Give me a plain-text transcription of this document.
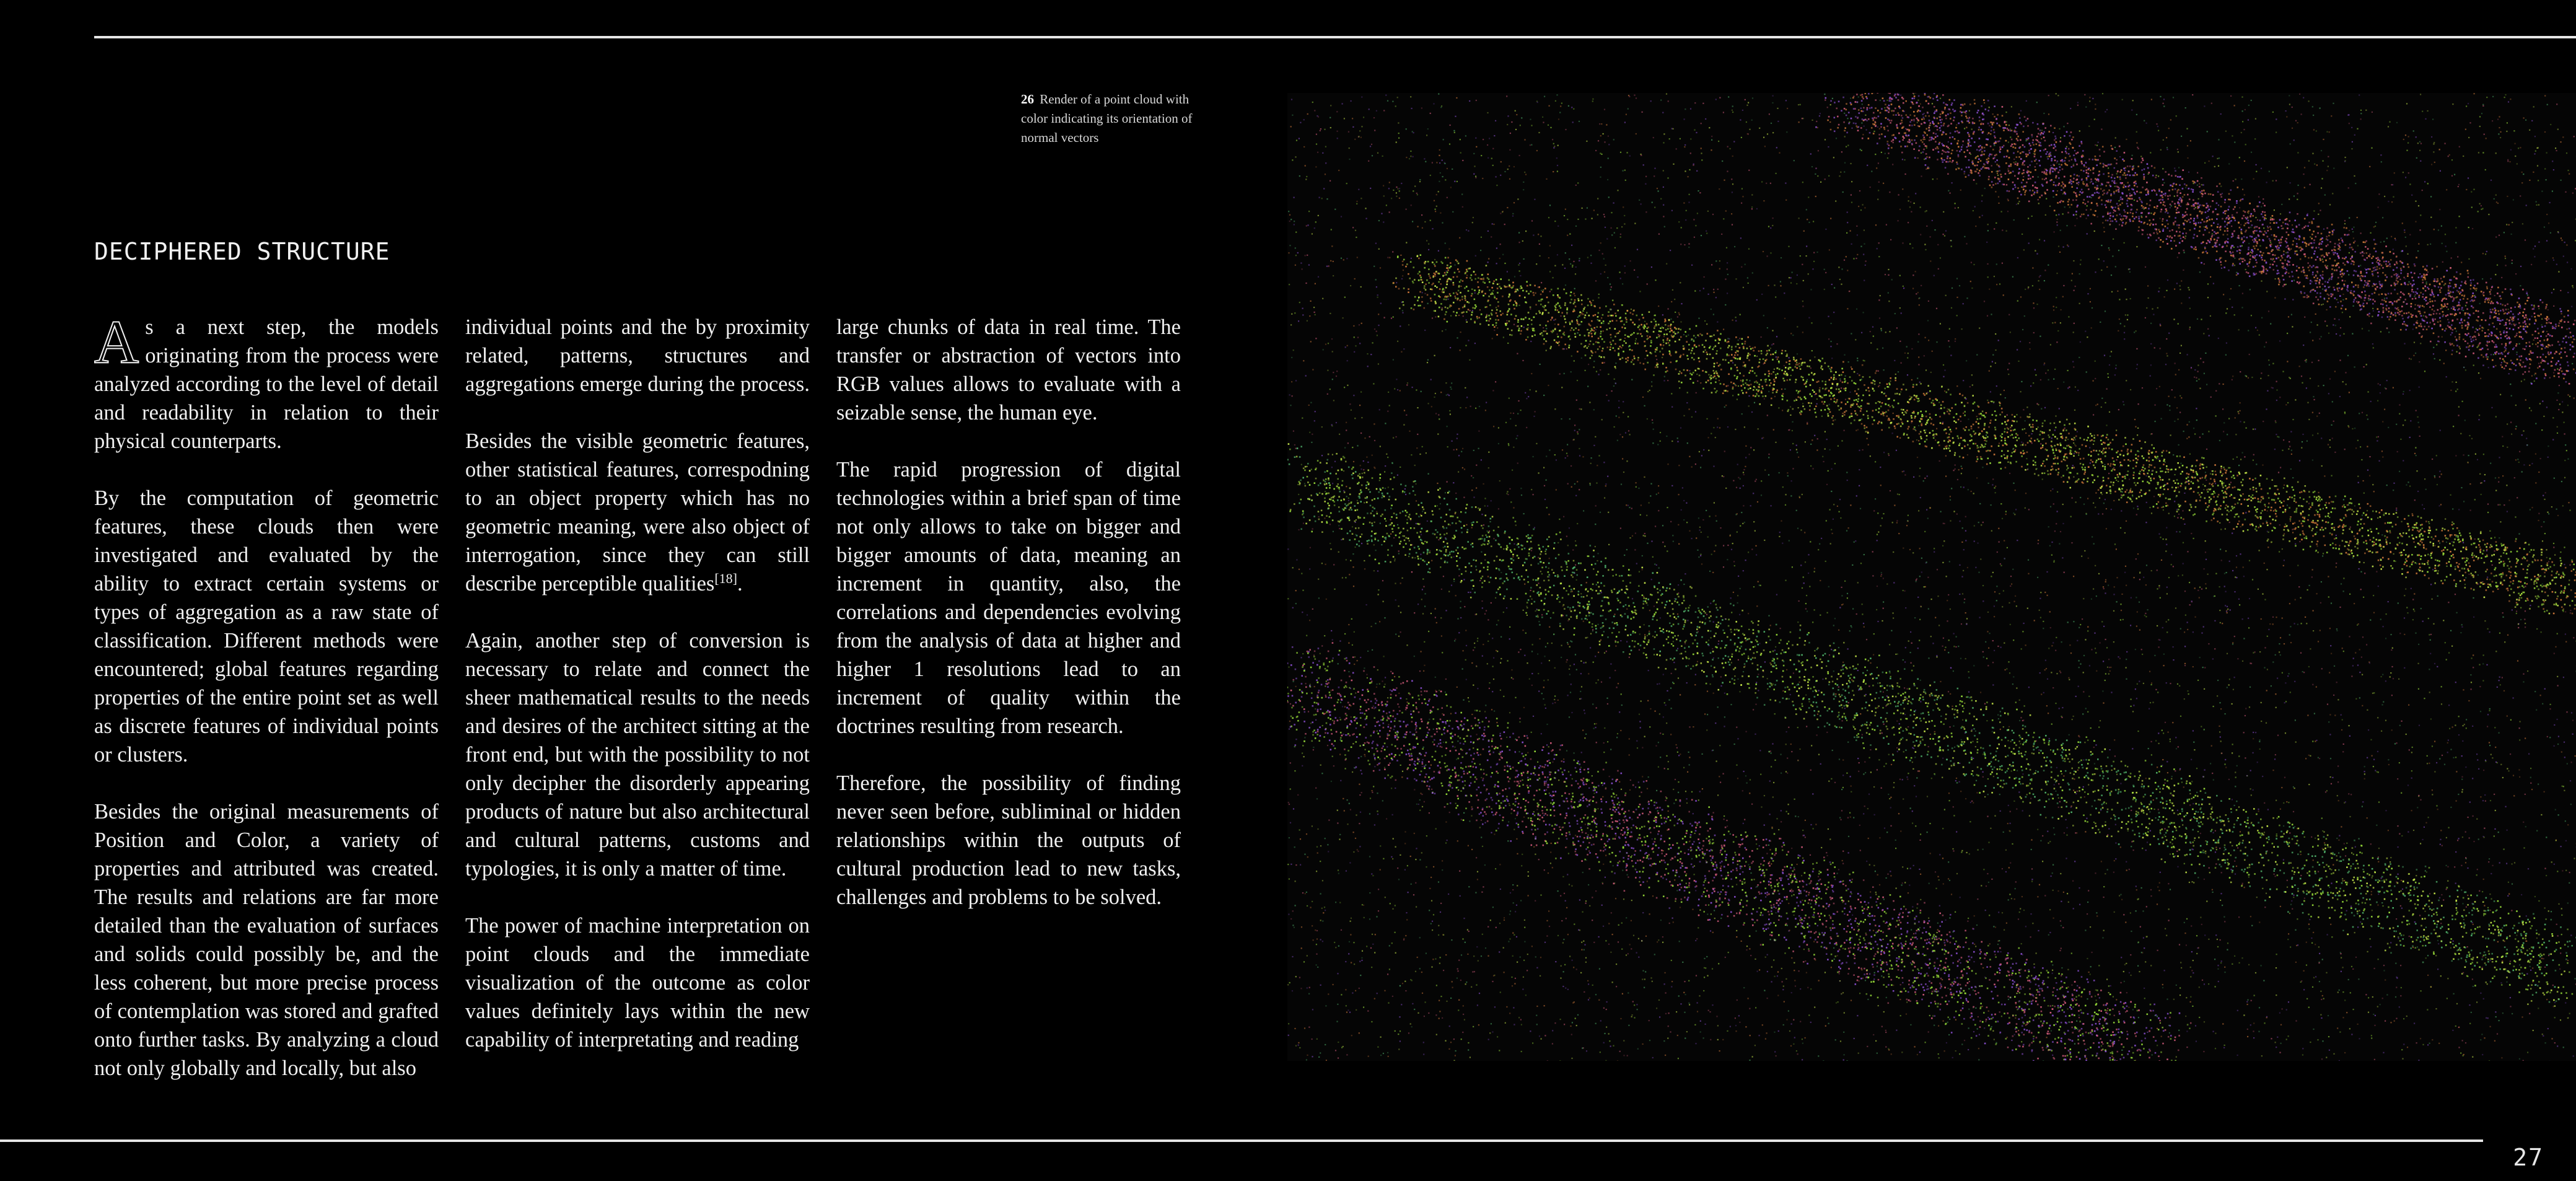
26 Render of a point cloud with color indicating its orientation of normal vectors
DECIPHERED STRUCTURE

As a next step, the models originating from the process were analyzed according to the level of detail and readability in relation to their physical counterparts.

By the computation of geometric features, these clouds then were investigated and evaluated by the ability to extract certain systems or types of aggregation as a raw state of classification. Different methods were encountered; global features regarding properties of the entire point set as well as discrete features of individual points or clusters.

Besides the original measurements of Position and Color, a variety of properties and attributed was created. The results and relations are far more detailed than the evaluation of surfaces and solids could possibly be, and the less coherent, but more precise process of contemplation was stored and grafted onto further tasks. By analyzing a cloud not only globally and locally, but also

individual points and the by proximity related, patterns, structures and aggregations emerge during the process.

Besides the visible geometric features, other statistical features, correspodning to an object property which has no geometric meaning, were also object of interrogation, since they can still describe perceptible qualities[18].

Again, another step of conversion is necessary to relate and connect the sheer mathematical results to the needs and desires of the architect sitting at the front end, but with the possibility to not only decipher the disorderly appearing products of nature but also architectural and cultural patterns, customs and typologies, it is only a matter of time.

The power of machine interpretation on point clouds and the immediate visualization of the outcome as color values definitely lays within the new capability of interpretating and reading

large chunks of data in real time. The transfer or abstraction of vectors into RGB values allows to evaluate with a seizable sense, the human eye.

The rapid progression of digital technologies within a brief span of time not only allows to take on bigger and bigger amounts of data, meaning an increment in quantity, also, the correlations and dependencies evolving from the analysis of data at higher and higher 1 resolutions lead to an increment of quality within the doctrines resulting from research.

Therefore, the possibility of finding never seen before, subliminal or hidden relationships within the outputs of cultural production lead to new tasks, challenges and problems to be solved.

27
